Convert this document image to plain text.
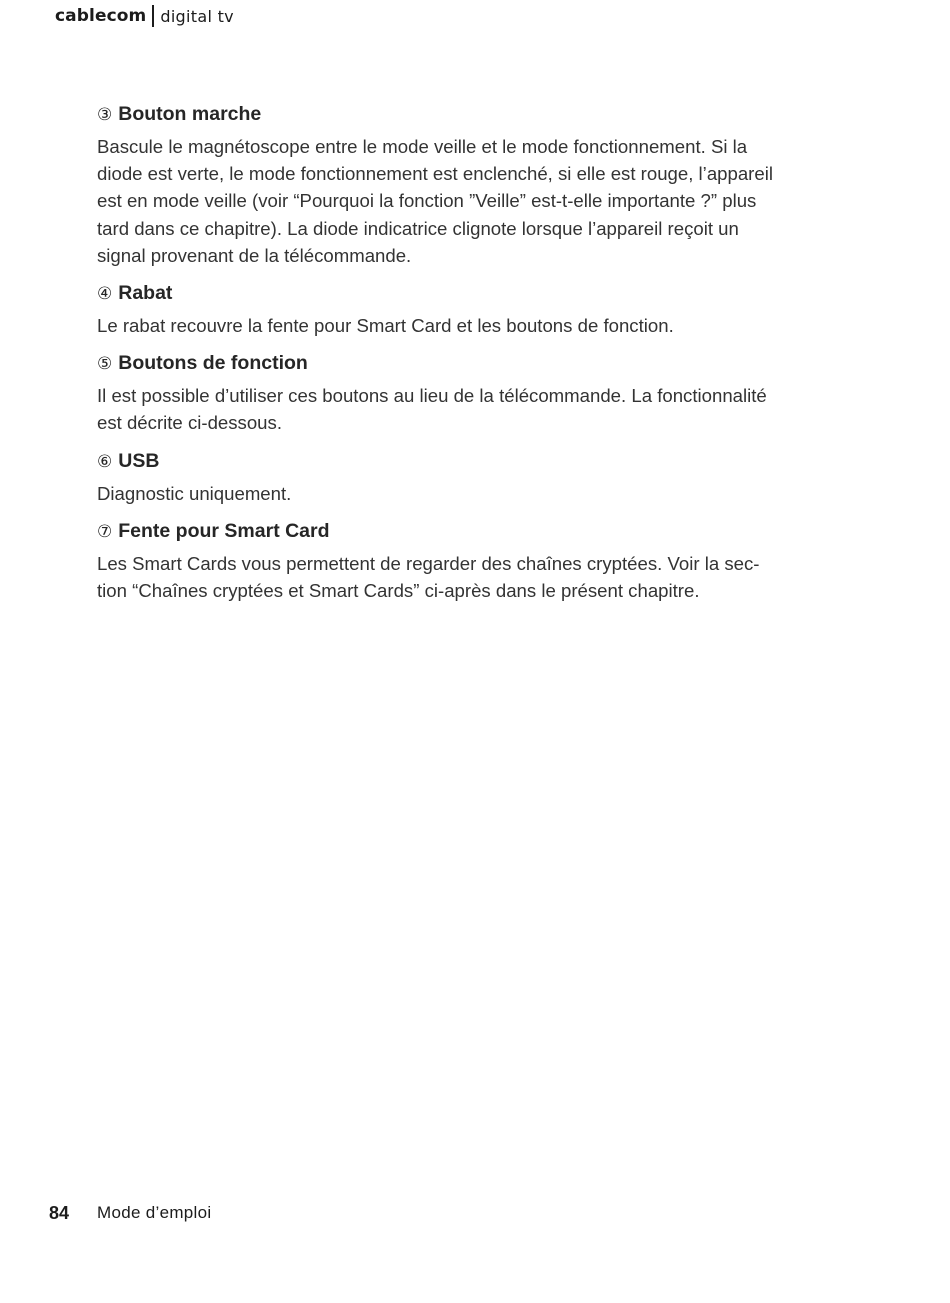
cablecom digital tv
③ Bouton marche

Bascule le magnétoscope entre le mode veille et le mode fonctionnement. Si la
diode est verte, le mode fonctionnement est enclenché, si elle est rouge, l’appareil
est en mode veille (voir “Pourquoi la fonction ”Veille” est-t-elle importante ?” plus
tard dans ce chapitre). La diode indicatrice clignote lorsque l’appareil reçoit un
signal provenant de la télécommande.

④ Rabat

Le rabat recouvre la fente pour Smart Card et les boutons de fonction.

⑤ Boutons de fonction

Il est possible d’utiliser ces boutons au lieu de la télécommande. La fonctionnalité
est décrite ci-dessous.

⑥ USB

Diagnostic uniquement.

⑦ Fente pour Smart Card

Les Smart Cards vous permettent de regarder des chaînes cryptées. Voir la sec-
tion “Chaînes cryptées et Smart Cards” ci-après dans le présent chapitre.

84	Mode d’emploi
